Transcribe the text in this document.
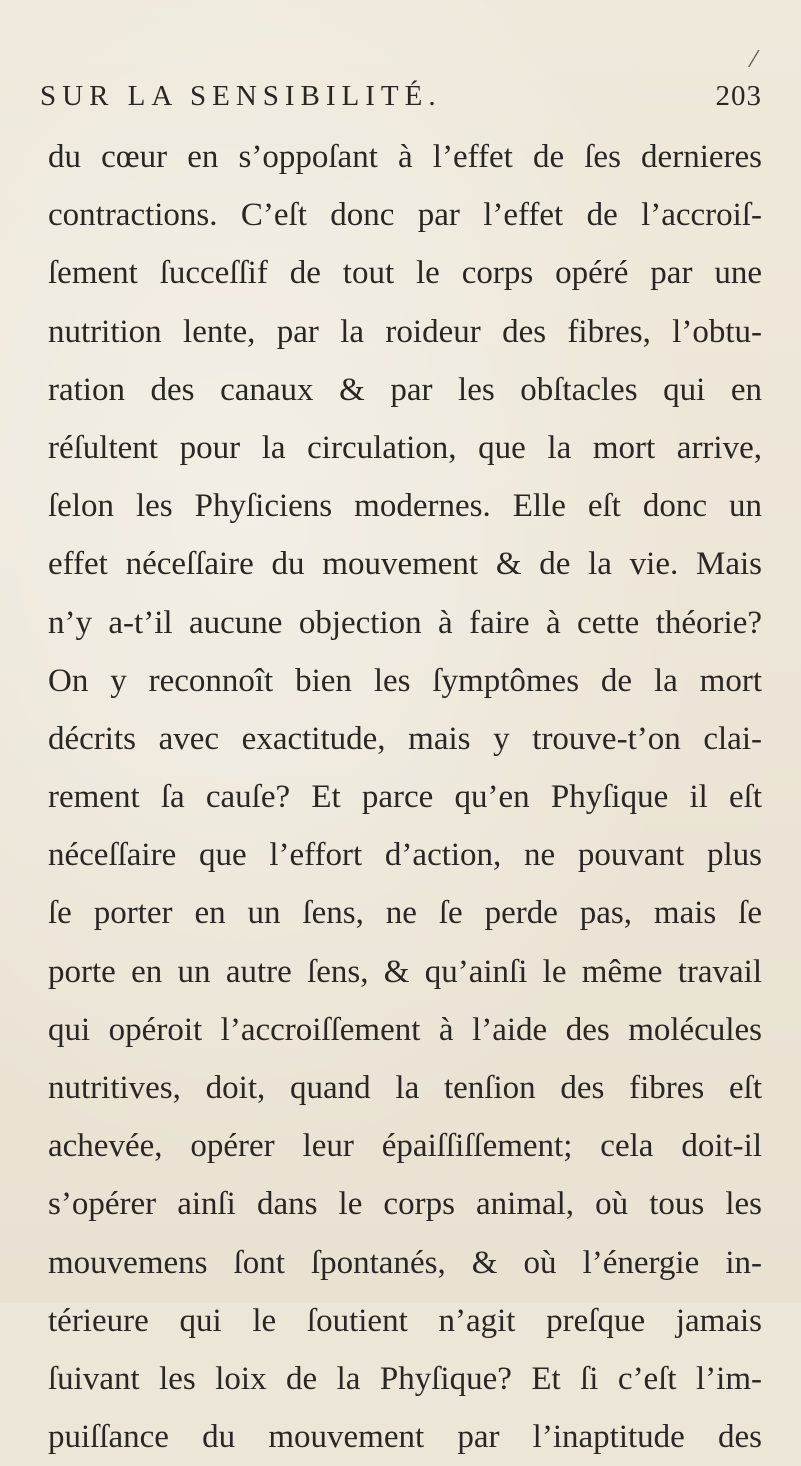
⁄
SUR LA SENSIBILITÉ.	203
du cœur en s’oppoſant à l’effet de ſes dernieres
contractions. C’eſt donc par l’effet de l’accroiſ-
ſement ſucceſſif de tout le corps opéré par une
nutrition lente, par la roideur des fibres, l’obtu-
ration des canaux & par les obſtacles qui en
réſultent pour la circulation, que la mort arrive,
ſelon les Phyſiciens modernes. Elle eſt donc un
effet néceſſaire du mouvement & de la vie. Mais
n’y a-t’il aucune objection à faire à cette théorie?
On y reconnoît bien les ſymptômes de la mort
décrits avec exactitude, mais y trouve-t’on clai-
rement ſa cauſe? Et parce qu’en Phyſique il eſt
néceſſaire que l’effort d’action, ne pouvant plus
ſe porter en un ſens, ne ſe perde pas, mais ſe
porte en un autre ſens, & qu’ainſi le même travail
qui opéroit l’accroiſſement à l’aide des molécules
nutritives, doit, quand la tenſion des fibres eſt
achevée, opérer leur épaiſſiſſement; cela doit-il
s’opérer ainſi dans le corps animal, où tous les
mouvemens ſont ſpontanés, & où l’énergie in-
térieure qui le ſoutient n’agit preſque jamais
ſuivant les loix de la Phyſique? Et ſi c’eſt l’im-
puiſſance du mouvement par l’inaptitude des
